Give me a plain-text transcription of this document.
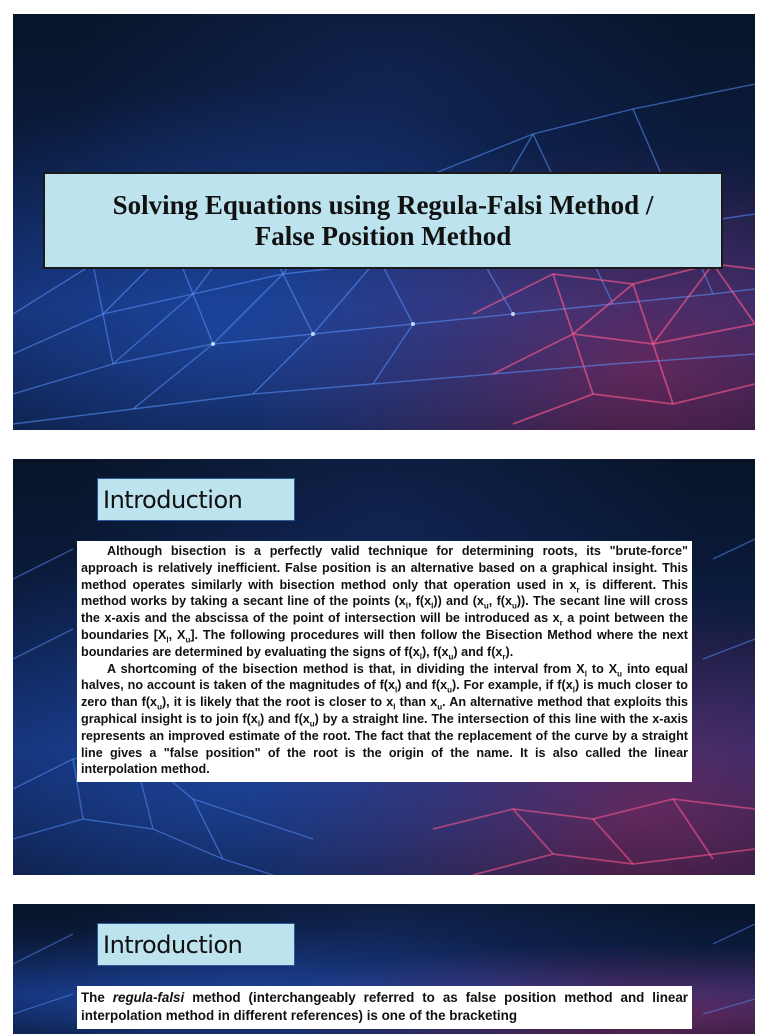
Solving Equations using Regula-Falsi Method /
False Position Method
Introduction

Although bisection is a perfectly valid technique for determining roots, its "brute-force" approach is relatively inefficient. False position is an alternative based on a graphical insight. This method operates similarly with bisection method only that operation used in $x_r$ is different. This method works by taking a secant line of the points ($x_l$, $f(x_l)$) and ($x_u$, $f(x_u)$). The secant line will cross the x-axis and the abscissa of the point of intersection will be introduced as $x_r$ a point between the boundaries [$X_l$, $X_u$]. The following procedures will then follow the Bisection Method where the next boundaries are determined by evaluating the signs of $f(x_l)$, $f(x_u)$ and $f(x_r)$.

A shortcoming of the bisection method is that, in dividing the interval from $X_l$ to $X_u$ into equal halves, no account is taken of the magnitudes of $f(x_l)$ and $f(x_u)$. For example, if $f(x_l)$ is much closer to zero than $f(x_u)$, it is likely that the root is closer to $x_l$ than $x_u$. An alternative method that exploits this graphical insight is to join $f(x_l)$ and $f(x_u)$ by a straight line. The intersection of this line with the x-axis represents an improved estimate of the root. The fact that the replacement of the curve by a straight line gives a "false position" of the root is the origin of the name. It is also called the linear interpolation method.

Introduction

The regula-falsi method (interchangeably referred to as false position method and linear interpolation method in different references) is one of the bracketing
